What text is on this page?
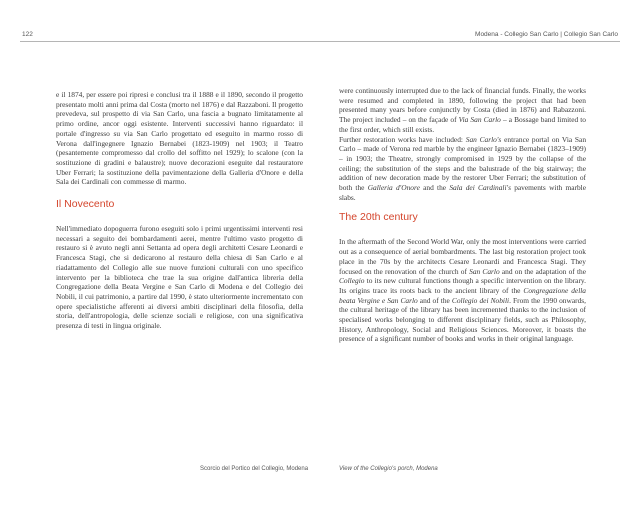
122	Modena - Collegio San Carlo | Collegio San Carlo

e il 1874, per essere poi ripresi e conclusi tra il 1888 e il 1890, secondo il progetto presentato molti anni prima dal Costa (morto nel 1876) e dal Razzaboni. Il progetto prevedeva, sul prospetto di via San Carlo, una fascia a bugnato limitatamente al primo ordine, ancor oggi esistente. Interventi successivi hanno riguardato: il portale d'ingresso su via San Carlo progettato ed eseguito in marmo rosso di Verona dall'ingegnere Ignazio Bernabei (1823-1909) nel 1903; il Teatro (pesantemente compromesso dal crollo del soffitto nel 1929); lo scalone (con la sostituzione di gradini e balaustre); nuove decorazioni eseguite dal restauratore Uber Ferrari; la sostituzione della pavimentazione della Galleria d'Onore e della Sala dei Cardinali con commesse di marmo.

Il Novecento

Nell'immediato dopoguerra furono eseguiti solo i primi urgentissimi interventi resi necessari a seguito dei bombardamenti aerei, mentre l'ultimo vasto progetto di restauro si è avuto negli anni Settanta ad opera degli architetti Cesare Leonardi e Francesca Stagi, che si dedicarono al restauro della chiesa di San Carlo e al riadattamento del Collegio alle sue nuove funzioni culturali con uno specifico intervento per la biblioteca che trae la sua origine dall'antica libreria della Congregazione della Beata Vergine e San Carlo di Modena e del Collegio dei Nobili, il cui patrimonio, a partire dal 1990, è stato ulteriormente incrementato con opere specialistiche afferenti ai diversi ambiti disciplinari della filosofia, della storia, dell'antropologia, delle scienze sociali e religiose, con una significativa presenza di testi in lingua originale.

were continuously interrupted due to the lack of financial funds. Finally, the works were resumed and completed in 1890, following the project that had been presented many years before conjunctly by Costa (died in 1876) and Rabazzoni. The project included – on the façade of Via San Carlo – a Bossage band limited to the first order, which still exists.

Further restoration works have included: San Carlo's entrance portal on Via San Carlo – made of Verona red marble by the engineer Ignazio Bernabei (1823–1909) – in 1903; the Theatre, strongly compromised in 1929 by the collapse of the ceiling; the substitution of the steps and the balustrade of the big stairway; the addition of new decoration made by the restorer Uber Ferrari; the substitution of both the Galleria d'Onore and the Sala dei Cardinali's pavements with marble slabs.

The 20th century

In the aftermath of the Second World War, only the most interventions were carried out as a consequence of aerial bombardments. The last big restoration project took place in the 70s by the architects Cesare Leonardi and Francesca Stagi. They focused on the renovation of the church of San Carlo and on the adaptation of the Collegio to its new cultural functions though a specific intervention on the library. Its origins trace its roots back to the ancient library of the Congregazione della beata Vergine e San Carlo and of the Collegio dei Nobili. From the 1990 onwards, the cultural heritage of the library has been incremented thanks to the inclusion of specialised works belonging to different disciplinary fields, such as Philosophy, History, Anthropology, Social and Religious Sciences. Moreover, it boasts the presence of a significant number of books and works in their original language.

Scorcio del Portico del Collegio, Modena	View of the Collegio's porch, Modena
